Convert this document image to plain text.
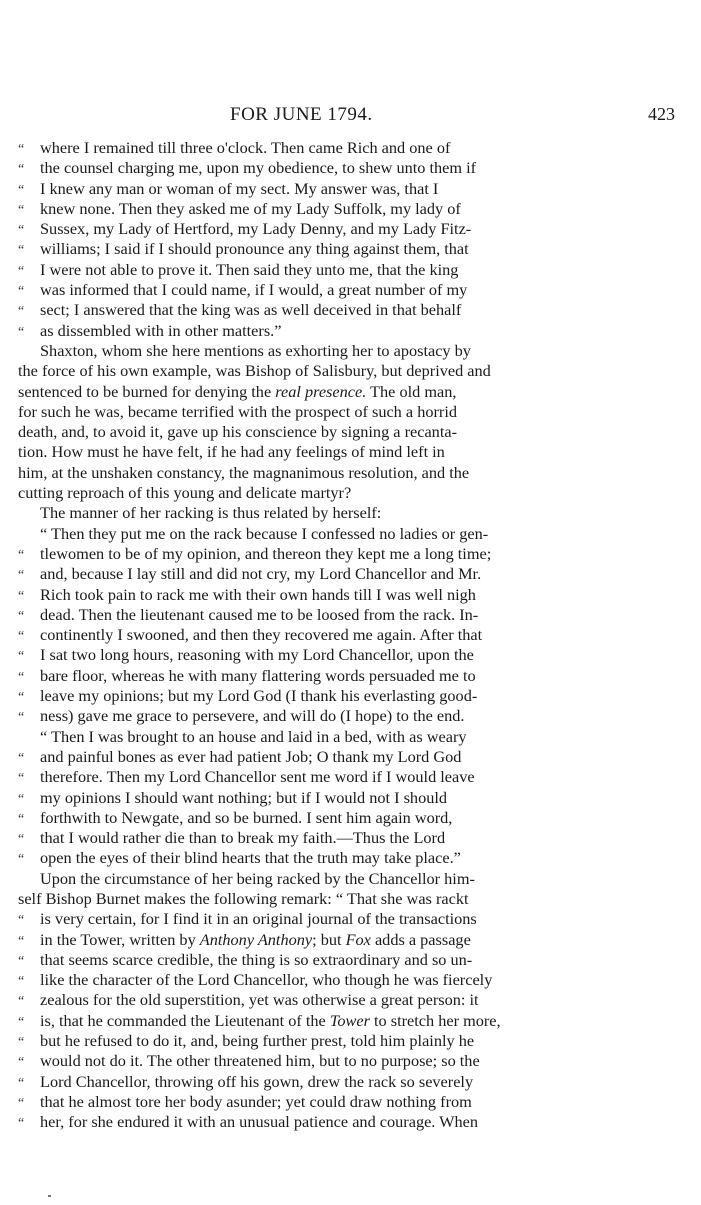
FOR JUNE 1794.	423
“ where I remained till three o'clock. Then came Rich and one of
“ the counsel charging me, upon my obedience, to shew unto them if
“ I knew any man or woman of my sect. My answer was, that I
“ knew none. Then they asked me of my Lady Suffolk, my lady of
“ Sussex, my Lady of Hertford, my Lady Denny, and my Lady Fitz-
“ williams; I said if I should pronounce any thing against them, that
“ I were not able to prove it. Then said they unto me, that the king
“ was informed that I could name, if I would, a great number of my
“ sect; I answered that the king was as well deceived in that behalf
“ as dissembled with in other matters.”
Shaxton, whom she here mentions as exhorting her to apostacy by
the force of his own example, was Bishop of Salisbury, but deprived and
sentenced to be burned for denying the real presence. The old man,
for such he was, became terrified with the prospect of such a horrid
death, and, to avoid it, gave up his conscience by signing a recanta-
tion. How must he have felt, if he had any feelings of mind left in
him, at the unshaken constancy, the magnanimous resolution, and the
cutting reproach of this young and delicate martyr?
The manner of her racking is thus related by herself:
“ Then they put me on the rack because I confessed no ladies or gen-
“ tlewomen to be of my opinion, and thereon they kept me a long time;
“ and, because I lay still and did not cry, my Lord Chancellor and Mr.
“ Rich took pain to rack me with their own hands till I was well nigh
“ dead. Then the lieutenant caused me to be loosed from the rack. In-
“ continently I swooned, and then they recovered me again. After that
“ I sat two long hours, reasoning with my Lord Chancellor, upon the
“ bare floor, whereas he with many flattering words persuaded me to
“ leave my opinions; but my Lord God (I thank his everlasting good-
“ ness) gave me grace to persevere, and will do (I hope) to the end.
“ Then I was brought to an house and laid in a bed, with as weary
“ and painful bones as ever had patient Job; O thank my Lord God
“ therefore. Then my Lord Chancellor sent me word if I would leave
“ my opinions I should want nothing; but if I would not I should
“ forthwith to Newgate, and so be burned. I sent him again word,
“ that I would rather die than to break my faith.—Thus the Lord
“ open the eyes of their blind hearts that the truth may take place.”
Upon the circumstance of her being racked by the Chancellor him-
self Bishop Burnet makes the following remark: “ That she was rackt
“ is very certain, for I find it in an original journal of the transactions
“ in the Tower, written by Anthony Anthony; but Fox adds a passage
“ that seems scarce credible, the thing is so extraordinary and so un-
“ like the character of the Lord Chancellor, who though he was fiercely
“ zealous for the old superstition, yet was otherwise a great person: it
“ is, that he commanded the Lieutenant of the Tower to stretch her more,
“ but he refused to do it, and, being further prest, told him plainly he
“ would not do it. The other threatened him, but to no purpose; so the
“ Lord Chancellor, throwing off his gown, drew the rack so severely
“ that he almost tore her body asunder; yet could draw nothing from
“ her, for she endured it with an unusual patience and courage. When
